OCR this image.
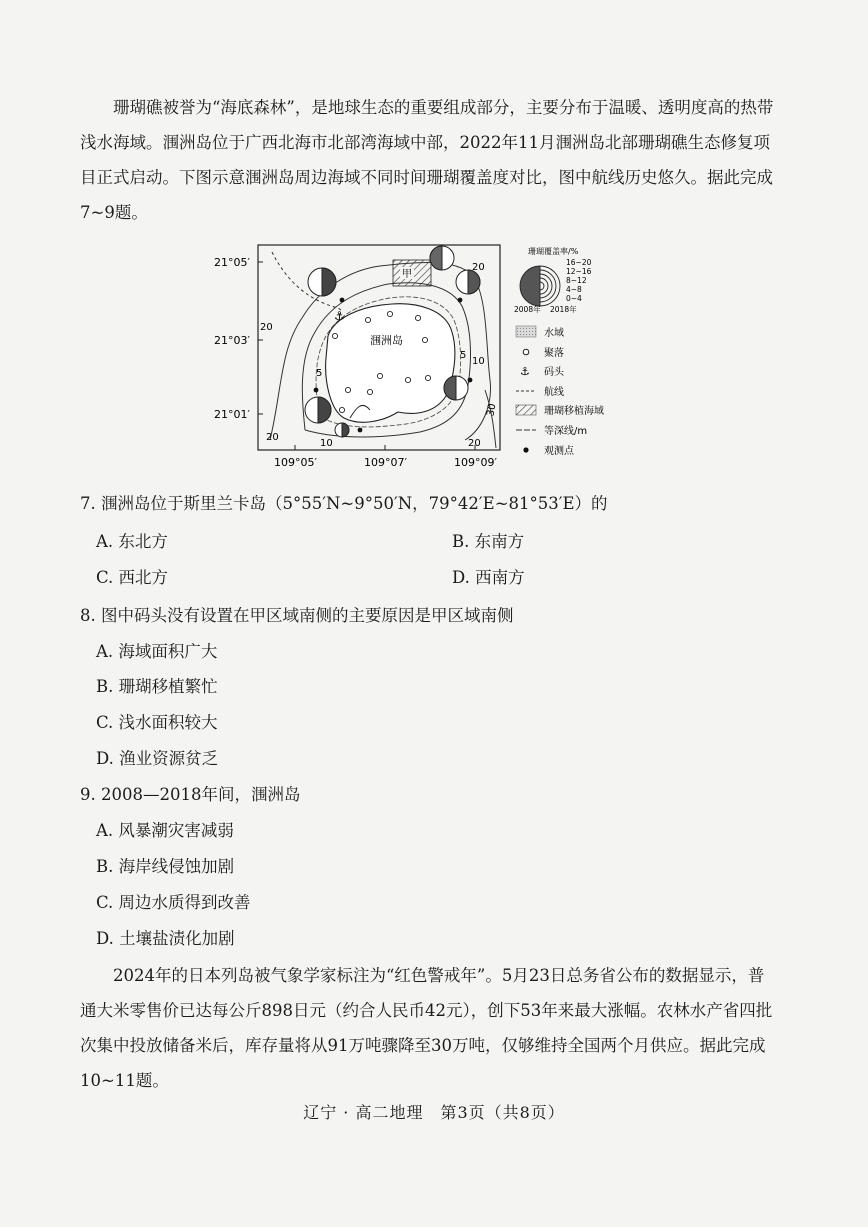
珊瑚礁被誉为“海底森林”，是地球生态的重要组成部分，主要分布于温暖、透明度高的热带浅水海域。涠洲岛位于广西北海市北部湾海域中部，2022年11月涠洲岛北部珊瑚礁生态修复项目正式启动。下图示意涠洲岛周边海域不同时间珊瑚覆盖度对比，图中航线历史悠久。据此完成7~9题。

21°05′
21°03′
21°01′
109°05′	109°07′	109°09′
甲
⚓
涠洲岛
20
20
20
20
5
5
10
10
30
珊瑚覆盖率/%
16~20
12~16
8~12
4~8
0~4
2008年 2018年
水域
聚落
⚓ 码头
航线
珊瑚移植海域
等深线/m
观测点

7. 涠洲岛位于斯里兰卡岛（5°55′N~9°50′N，79°42′E~81°53′E）的

A. 东北方	B. 东南方

C. 西北方	D. 西南方

8. 图中码头没有设置在甲区域南侧的主要原因是甲区域南侧

A. 海域面积广大

B. 珊瑚移植繁忙

C. 浅水面积较大

D. 渔业资源贫乏

9. 2008—2018年间，涠洲岛

A. 风暴潮灾害减弱

B. 海岸线侵蚀加剧

C. 周边水质得到改善

D. 土壤盐渍化加剧

2024年的日本列岛被气象学家标注为“红色警戒年”。5月23日总务省公布的数据显示，普通大米零售价已达每公斤898日元（约合人民币42元），创下53年来最大涨幅。农林水产省四批次集中投放储备米后，库存量将从91万吨骤降至30万吨，仅够维持全国两个月供应。据此完成10~11题。

辽宁 · 高二地理　第3页（共8页）
